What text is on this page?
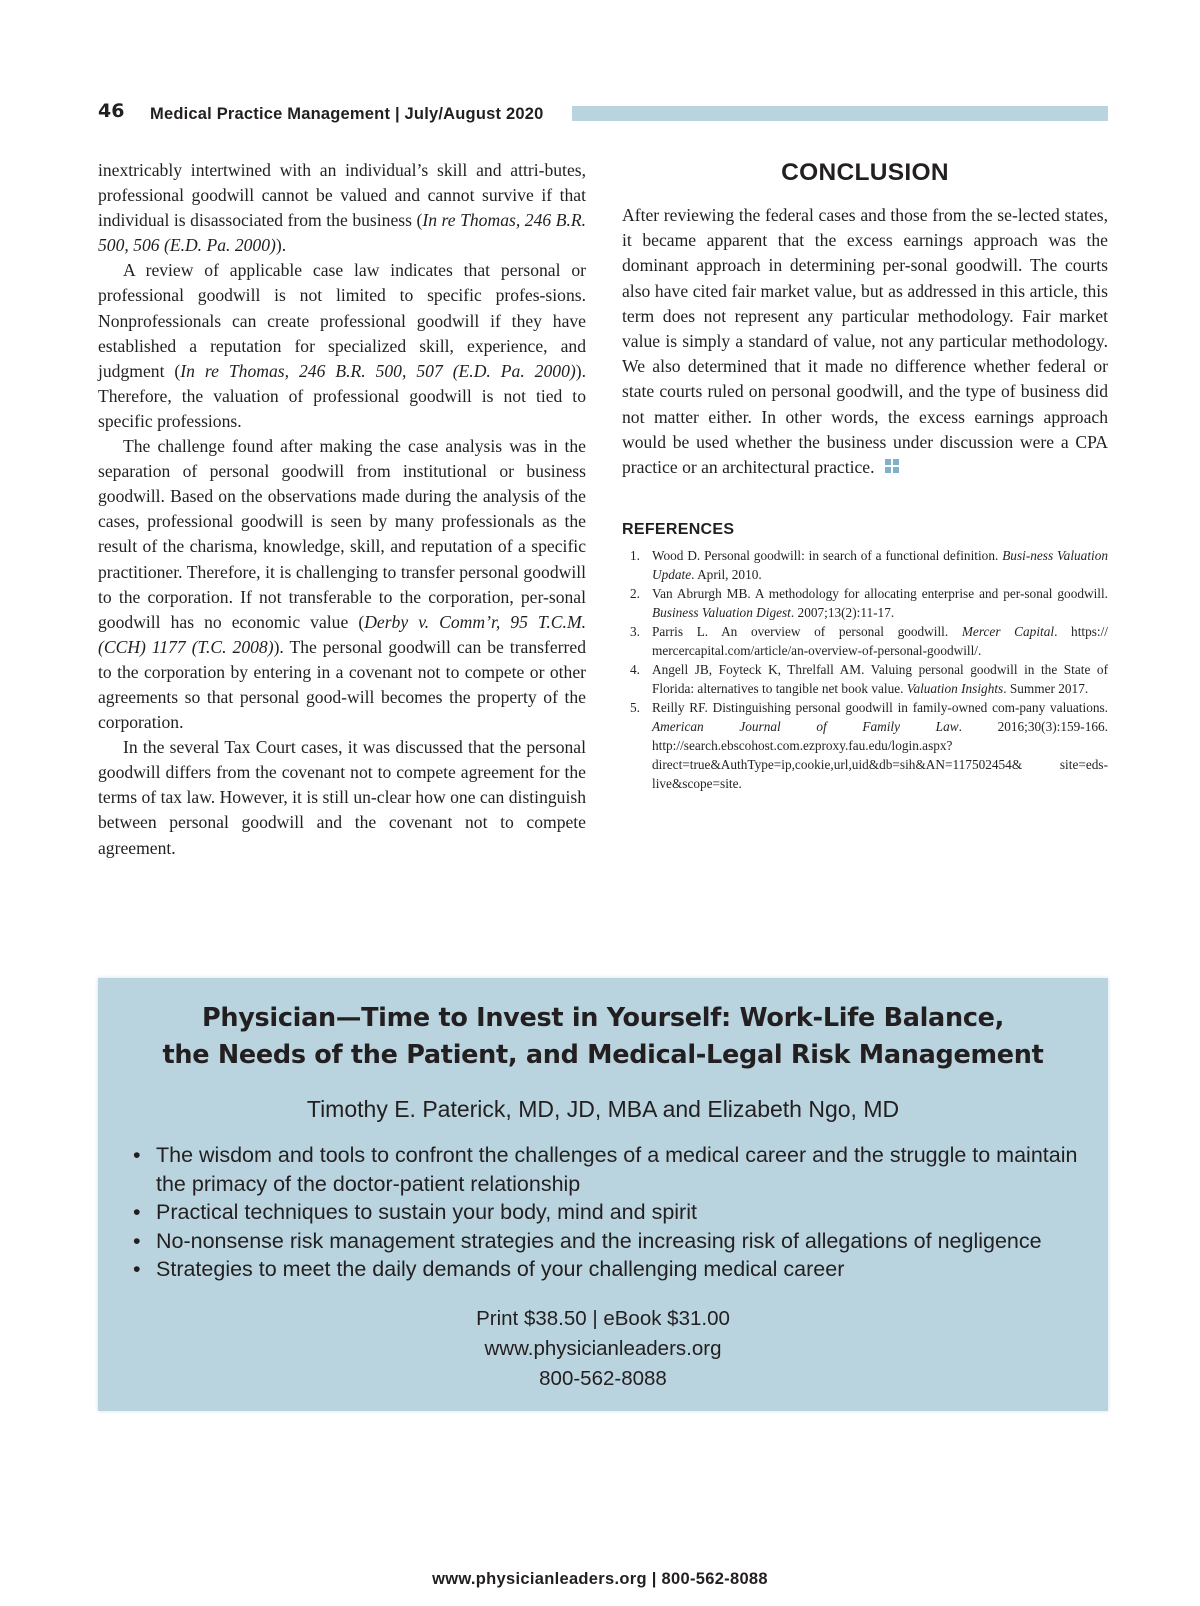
46 Medical Practice Management | July/August 2020

inextricably intertwined with an individual’s skill and attri-butes, professional goodwill cannot be valued and cannot survive if that individual is disassociated from the business (In re Thomas, 246 B.R. 500, 506 (E.D. Pa. 2000)).

A review of applicable case law indicates that personal or professional goodwill is not limited to specific profes-sions. Nonprofessionals can create professional goodwill if they have established a reputation for specialized skill, experience, and judgment (In re Thomas, 246 B.R. 500, 507 (E.D. Pa. 2000)). Therefore, the valuation of professional goodwill is not tied to specific professions.

The challenge found after making the case analysis was in the separation of personal goodwill from institutional or business goodwill. Based on the observations made during the analysis of the cases, professional goodwill is seen by many professionals as the result of the charisma, knowledge, skill, and reputation of a specific practitioner. Therefore, it is challenging to transfer personal goodwill to the corporation. If not transferable to the corporation, per-sonal goodwill has no economic value (Derby v. Comm’r, 95 T.C.M. (CCH) 1177 (T.C. 2008)). The personal goodwill can be transferred to the corporation by entering in a covenant not to compete or other agreements so that personal good-will becomes the property of the corporation.

In the several Tax Court cases, it was discussed that the personal goodwill differs from the covenant not to compete agreement for the terms of tax law. However, it is still un-clear how one can distinguish between personal goodwill and the covenant not to compete agreement.

CONCLUSION

After reviewing the federal cases and those from the se-lected states, it became apparent that the excess earnings approach was the dominant approach in determining per-sonal goodwill. The courts also have cited fair market value, but as addressed in this article, this term does not represent any particular methodology. Fair market value is simply a standard of value, not any particular methodology. We also determined that it made no difference whether federal or state courts ruled on personal goodwill, and the type of business did not matter either. In other words, the excess earnings approach would be used whether the business under discussion were a CPA practice or an architectural practice.

REFERENCES
1. Wood D. Personal goodwill: in search of a functional definition. Busi-ness Valuation Update. April, 2010.
2. Van Abrurgh MB. A methodology for allocating enterprise and per-sonal goodwill. Business Valuation Digest. 2007;13(2):11-17.
3. Parris L. An overview of personal goodwill. Mercer Capital. https:// mercercapital.com/article/an-overview-of-personal-goodwill/.
4. Angell JB, Foyteck K, Threlfall AM. Valuing personal goodwill in the State of Florida: alternatives to tangible net book value. Valuation Insights. Summer 2017.
5. Reilly RF. Distinguishing personal goodwill in family-owned com-pany valuations. American Journal of Family Law. 2016;30(3):159-166. http://search.ebscohost.com.ezproxy.fau.edu/login.aspx? direct=true&AuthType=ip,cookie,url,uid&db=sih&AN=117502454& site=eds-live&scope=site.
Physician—Time to Invest in Yourself: Work-Life Balance,
the Needs of the Patient, and Medical-Legal Risk Management
Timothy E. Paterick, MD, JD, MBA and Elizabeth Ngo, MD
• The wisdom and tools to confront the challenges of a medical career and the struggle to maintain the primacy of the doctor-patient relationship
• Practical techniques to sustain your body, mind and spirit
• No-nonsense risk management strategies and the increasing risk of allegations of negligence
• Strategies to meet the daily demands of your challenging medical career
Print $38.50 | eBook $31.00
www.physicianleaders.org
800-562-8088
www.physicianleaders.org | 800-562-8088
